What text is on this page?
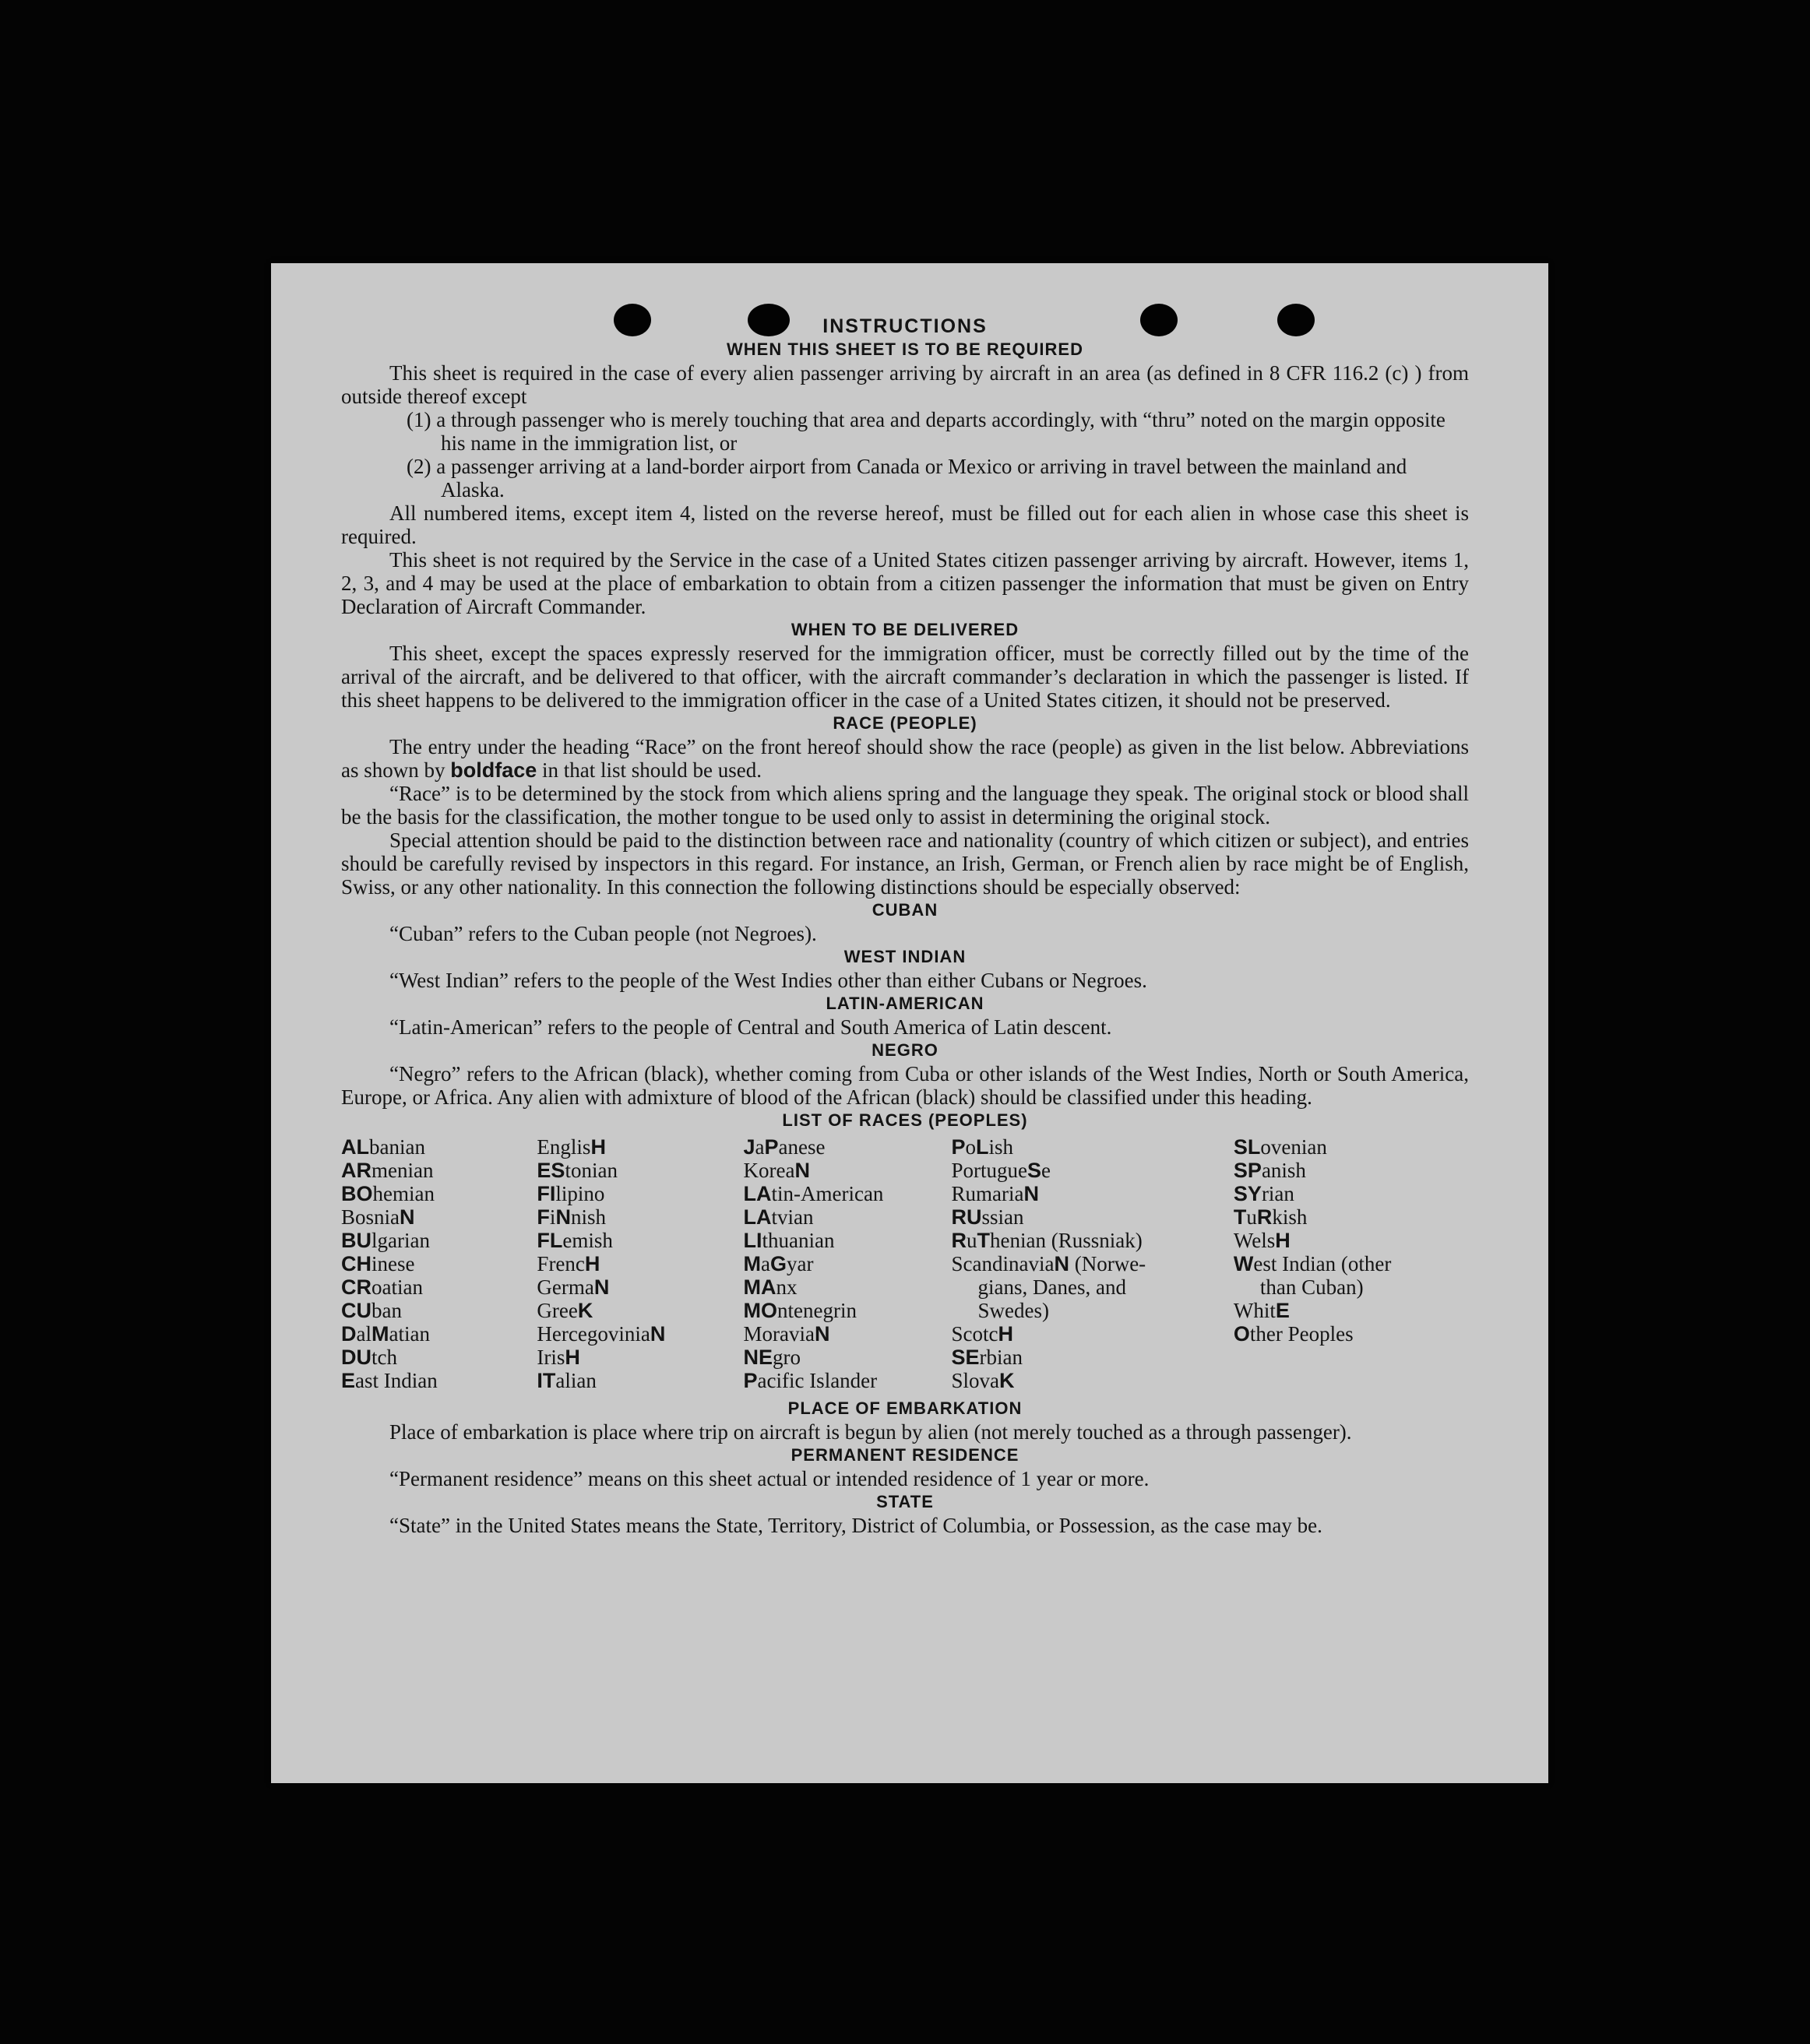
INSTRUCTIONS
WHEN THIS SHEET IS TO BE REQUIRED
This sheet is required in the case of every alien passenger arriving by aircraft in an area (as defined in 8 CFR 116.2 (c) ) from outside thereof except
(1) a through passenger who is merely touching that area and departs accordingly, with “thru” noted on the margin opposite his name in the immigration list, or
(2) a passenger arriving at a land-border airport from Canada or Mexico or arriving in travel between the mainland and Alaska.
All numbered items, except item 4, listed on the reverse hereof, must be filled out for each alien in whose case this sheet is required.
This sheet is not required by the Service in the case of a United States citizen passenger arriving by aircraft. However, items 1, 2, 3, and 4 may be used at the place of embarkation to obtain from a citizen passenger the information that must be given on Entry Declaration of Aircraft Commander.
WHEN TO BE DELIVERED
This sheet, except the spaces expressly reserved for the immigration officer, must be correctly filled out by the time of the arrival of the aircraft, and be delivered to that officer, with the aircraft commander’s declaration in which the passenger is listed. If this sheet happens to be delivered to the immigration officer in the case of a United States citizen, it should not be preserved.
RACE (PEOPLE)
The entry under the heading “Race” on the front hereof should show the race (people) as given in the list below. Abbreviations as shown by boldface in that list should be used.
“Race” is to be determined by the stock from which aliens spring and the language they speak. The original stock or blood shall be the basis for the classification, the mother tongue to be used only to assist in determining the original stock.
Special attention should be paid to the distinction between race and nationality (country of which citizen or subject), and entries should be carefully revised by inspectors in this regard. For instance, an Irish, German, or French alien by race might be of English, Swiss, or any other nationality. In this connection the following distinctions should be especially observed:
CUBAN
“Cuban” refers to the Cuban people (not Negroes).
WEST INDIAN
“West Indian” refers to the people of the West Indies other than either Cubans or Negroes.
LATIN-AMERICAN
“Latin-American” refers to the people of Central and South America of Latin descent.
NEGRO
“Negro” refers to the African (black), whether coming from Cuba or other islands of the West Indies, North or South America, Europe, or Africa. Any alien with admixture of blood of the African (black) should be classified under this heading.
LIST OF RACES (PEOPLES)
ALbanian
ARmenian
BOhemian
BosniaN
BUlgarian
CHinese
CRoatian
CUban
DalMatian
DUtch
East Indian
EnglisH
EStonian
FIlipino
FiNnish
FLemish
FrencH
GermaN
GreeK
HercegoviniaN
IrisH
ITalian
JaPanese
KoreaN
LAtin-American
LAtvian
LIthuanian
MaGyar
MAnx
MOntenegrin
MoraviaN
NEgro
Pacific Islander
PoLish
PortugueSe
RumariaN
RUssian
RuThenian (Russniak)
ScandinaviaN (Norwe-
gians, Danes, and
Swedes)
ScotcH
SErbian
SlovaK
SLovenian
SPanish
SYrian
TuRkish
WelsH
West Indian (other
than Cuban)
WhitE
Other Peoples
PLACE OF EMBARKATION
Place of embarkation is place where trip on aircraft is begun by alien (not merely touched as a through passenger).
PERMANENT RESIDENCE
“Permanent residence” means on this sheet actual or intended residence of 1 year or more.
STATE
“State” in the United States means the State, Territory, District of Columbia, or Possession, as the case may be.
